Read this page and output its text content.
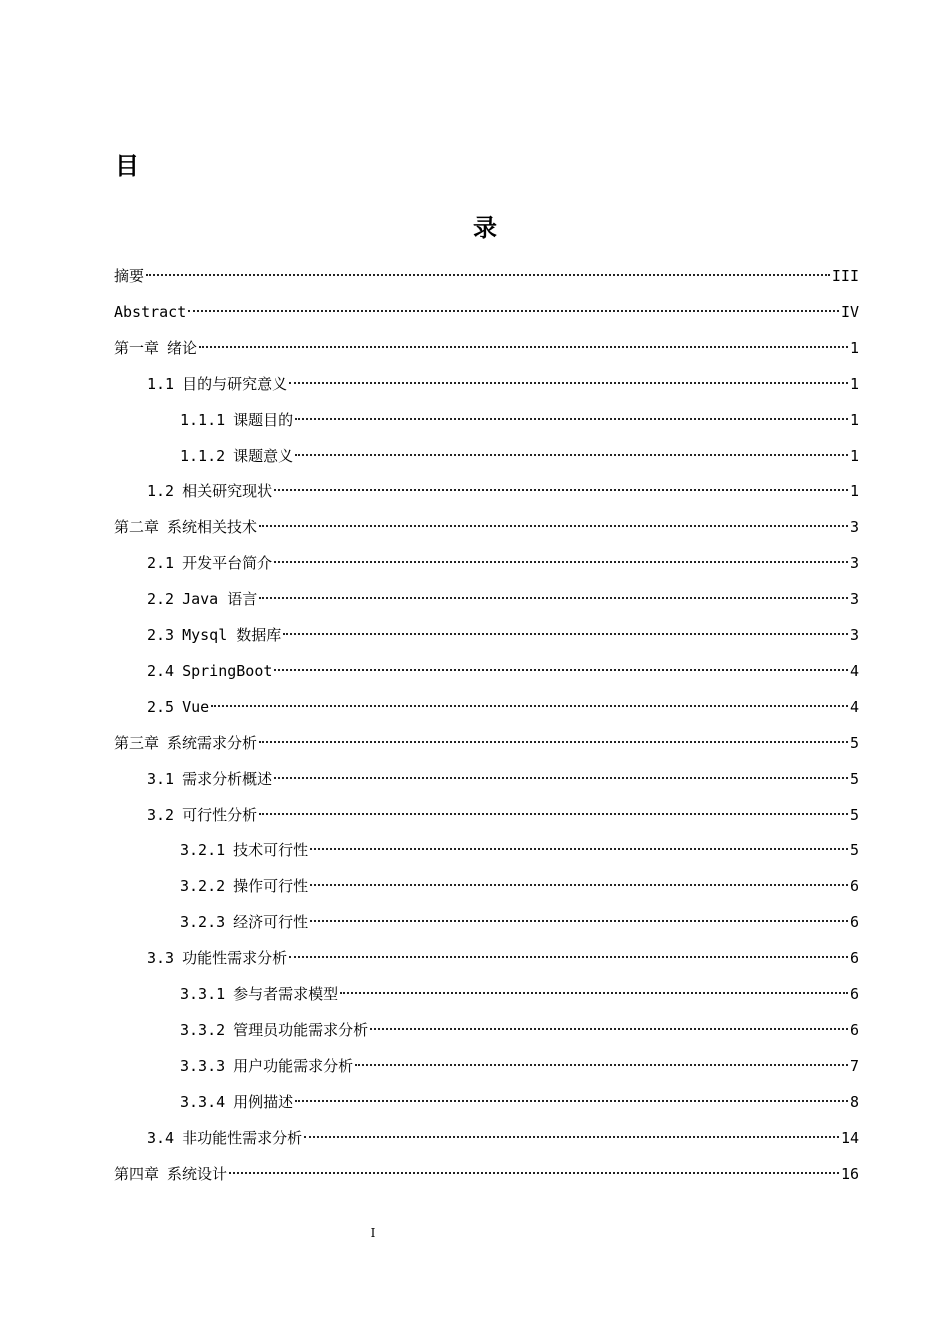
目
录
摘要	III
Abstract	IV
第一章 绪论	1
1.1 目的与研究意义	1
1.1.1 课题目的	1
1.1.2 课题意义	1
1.2 相关研究现状	1
第二章 系统相关技术	3
2.1 开发平台简介	3
2.2 Java 语言	3
2.3 Mysql 数据库	3
2.4 SpringBoot	4
2.5 Vue	4
第三章 系统需求分析	5
3.1 需求分析概述	5
3.2 可行性分析	5
3.2.1 技术可行性	5
3.2.2 操作可行性	6
3.2.3 经济可行性	6
3.3 功能性需求分析	6
3.3.1 参与者需求模型	6
3.3.2 管理员功能需求分析	6
3.3.3 用户功能需求分析	7
3.3.4 用例描述	8
3.4 非功能性需求分析	14
第四章 系统设计	16
I
